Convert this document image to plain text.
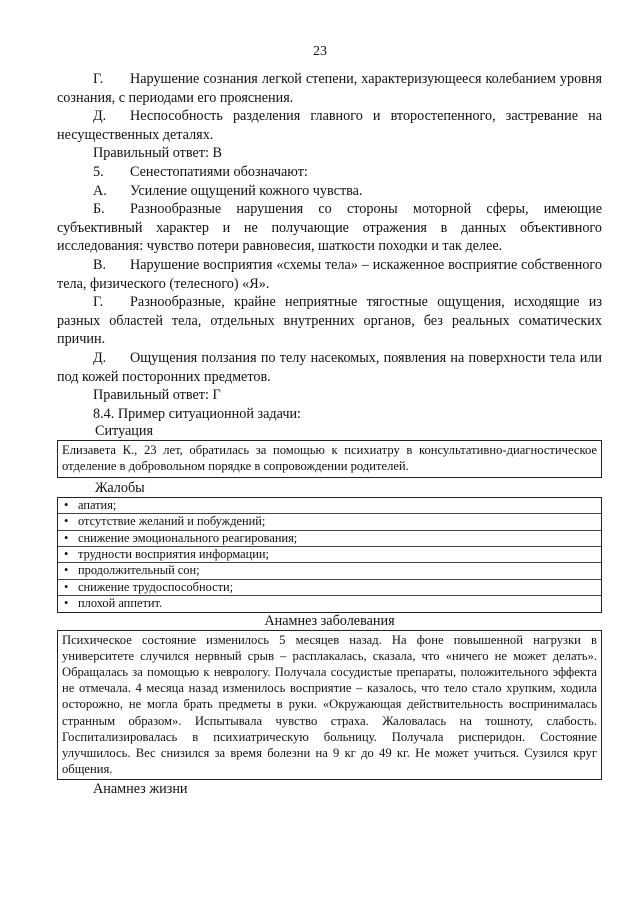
23

Г. Нарушение сознания легкой степени, характеризующееся колебанием уровня сознания, с периодами его прояснения.

Д. Неспособность разделения главного и второстепенного, застревание на несущественных деталях.

Правильный ответ: В

5. Сенестопатиями обозначают:

А. Усиление ощущений кожного чувства.

Б. Разнообразные нарушения со стороны моторной сферы, имеющие субъективный характер и не получающие отражения в данных объективного исследования: чувство потери равновесия, шаткости походки и так делее.

В. Нарушение восприятия «схемы тела» – искаженное восприятие собственного тела, физического (телесного) «Я».

Г. Разнообразные, крайне неприятные тягостные ощущения, исходящие из разных областей тела, отдельных внутренних органов, без реальных соматических причин.

Д. Ощущения ползания по телу насекомых, появления на поверхности тела или под кожей посторонних предметов.

Правильный ответ: Г

8.4. Пример ситуационной задачи:

Ситуация

Елизавета К., 23 лет, обратилась за помощью к психиатру в консультативно-диагностическое отделение в добровольном порядке в сопровождении родителей.

Жалобы

• апатия;
• отсутствие желаний и побуждений;
• снижение эмоционального реагирования;
• трудности восприятия информации;
• продолжительный сон;
• снижение трудоспособности;
• плохой аппетит.

Анамнез заболевания

Психическое состояние изменилось 5 месяцев назад. На фоне повышенной нагрузки в университете случился нервный срыв – расплакалась, сказала, что «ничего не может делать». Обращалась за помощью к неврологу. Получала сосудистые препараты, положительного эффекта не отмечала. 4 месяца назад изменилось восприятие – казалось, что тело стало хрупким, ходила осторожно, не могла брать предметы в руки. «Окружающая действительность воспринималась странным образом». Испытывала чувство страха. Жаловалась на тошноту, слабость. Госпитализировалась в психиатрическую больницу. Получала рисперидон. Состояние улучшилось. Вес снизился за время болезни на 9 кг до 49 кг. Не может учиться. Сузился круг общения.

Анамнез жизни
